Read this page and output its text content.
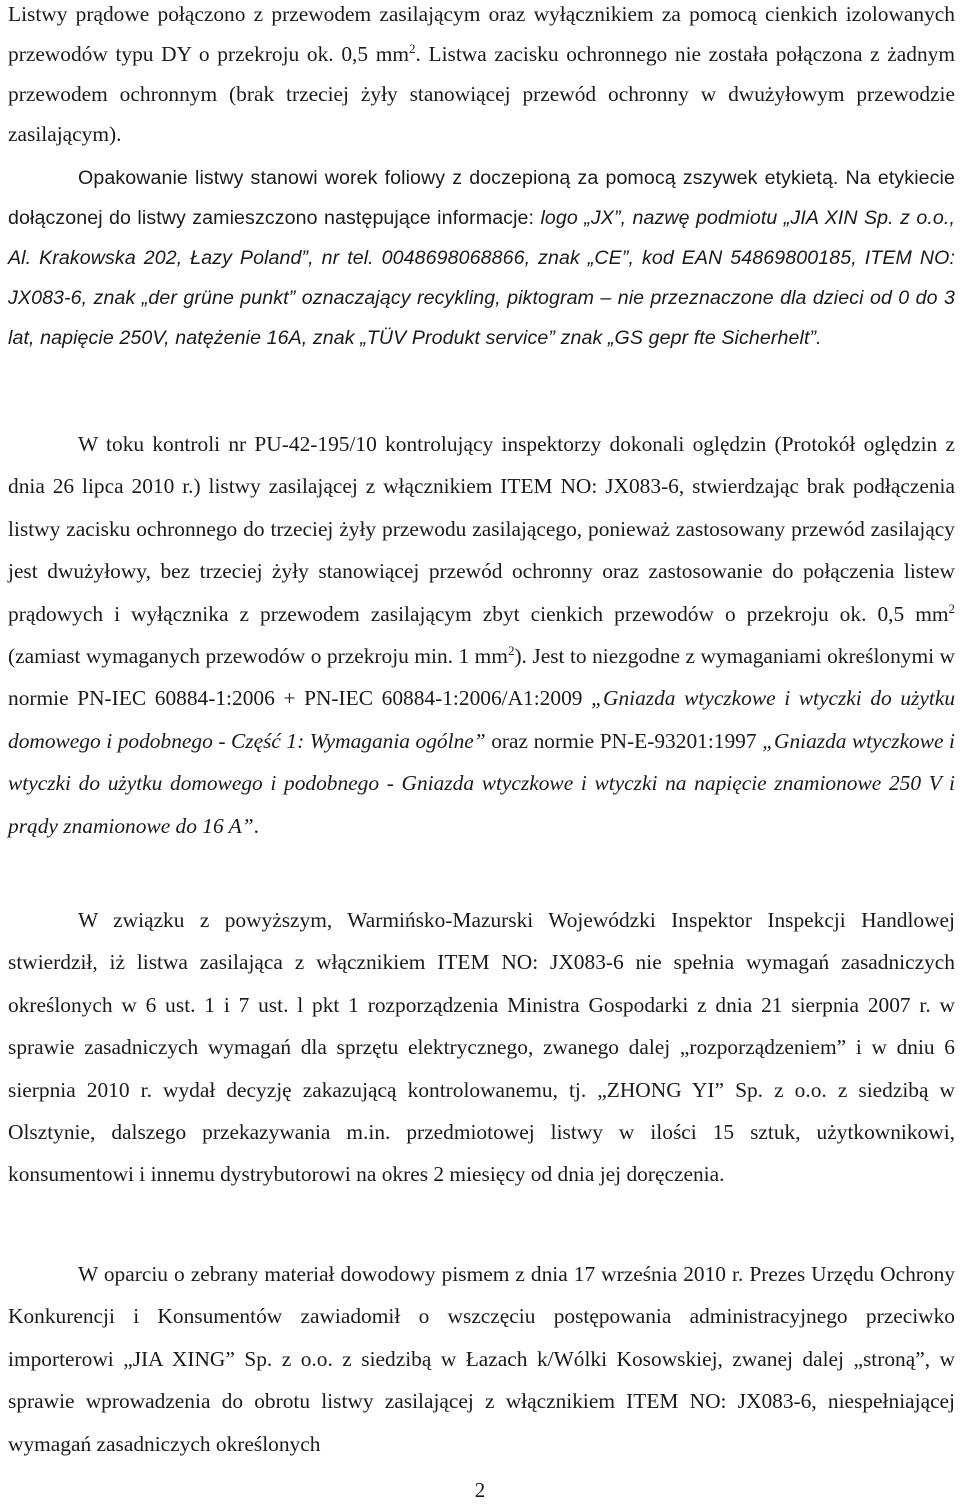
Listwy prądowe połączono z przewodem zasilającym oraz wyłącznikiem za pomocą cienkich izolowanych przewodów typu DY o przekroju ok. 0,5 $mm^2$. Listwa zacisku ochronnego nie została połączona z żadnym przewodem ochronnym (brak trzeciej żyły stanowiącej przewód ochronny w dwużyłowym przewodzie zasilającym).

Opakowanie listwy stanowi worek foliowy z doczepioną za pomocą zszywek etykietą. Na etykiecie dołączonej do listwy zamieszczono następujące informacje: logo „JX”, nazwę podmiotu „JIA XIN Sp. z o.o., Al. Krakowska 202, Łazy Poland”, nr tel. 0048698068866, znak „CE”, kod EAN 54869800185, ITEM NO: JX083-6, znak „der grüne punkt” oznaczający recykling, piktogram – nie przeznaczone dla dzieci od 0 do 3 lat, napięcie 250V, natężenie 16A, znak „TÜV Produkt service” znak „GS gepr fte Sicherhelt”.

W toku kontroli nr PU-42-195/10 kontrolujący inspektorzy dokonali oględzin (Protokół oględzin z dnia 26 lipca 2010 r.) listwy zasilającej z włącznikiem ITEM NO: JX083-6, stwierdzając brak podłączenia listwy zacisku ochronnego do trzeciej żyły przewodu zasilającego, ponieważ zastosowany przewód zasilający jest dwużyłowy, bez trzeciej żyły stanowiącej przewód ochronny oraz zastosowanie do połączenia listew prądowych i wyłącznika z przewodem zasilającym zbyt cienkich przewodów o przekroju ok. 0,5 $mm^2$ (zamiast wymaganych przewodów o przekroju min. 1 $mm^2$). Jest to niezgodne z wymaganiami określonymi w normie PN-IEC 60884-1:2006 + PN-IEC 60884-1:2006/A1:2009 „Gniazda wtyczkowe i wtyczki do użytku domowego i podobnego - Część 1: Wymagania ogólne” oraz normie PN-E-93201:1997 „Gniazda wtyczkowe i wtyczki do użytku domowego i podobnego - Gniazda wtyczkowe i wtyczki na napięcie znamionowe 250 V i prądy znamionowe do 16 A”.

W związku z powyższym, Warmińsko-Mazurski Wojewódzki Inspektor Inspekcji Handlowej stwierdził, iż listwa zasilająca z włącznikiem ITEM NO: JX083-6 nie spełnia wymagań zasadniczych określonych w 6 ust. 1 i 7 ust. l pkt 1 rozporządzenia Ministra Gospodarki z dnia 21 sierpnia 2007 r. w sprawie zasadniczych wymagań dla sprzętu elektrycznego, zwanego dalej „rozporządzeniem” i w dniu 6 sierpnia 2010 r. wydał decyzję zakazującą kontrolowanemu, tj. „ZHONG YI” Sp. z o.o. z siedzibą w Olsztynie, dalszego przekazywania m.in. przedmiotowej listwy w ilości 15 sztuk, użytkownikowi, konsumentowi i innemu dystrybutorowi na okres 2 miesięcy od dnia jej doręczenia.

W oparciu o zebrany materiał dowodowy pismem z dnia 17 września 2010 r. Prezes Urzędu Ochrony Konkurencji i Konsumentów zawiadomił o wszczęciu postępowania administracyjnego przeciwko importerowi „JIA XING” Sp. z o.o. z siedzibą w Łazach k/Wólki Kosowskiej, zwanej dalej „stroną”, w sprawie wprowadzenia do obrotu listwy zasilającej z włącznikiem ITEM NO: JX083-6, niespełniającej wymagań zasadniczych określonych

2
